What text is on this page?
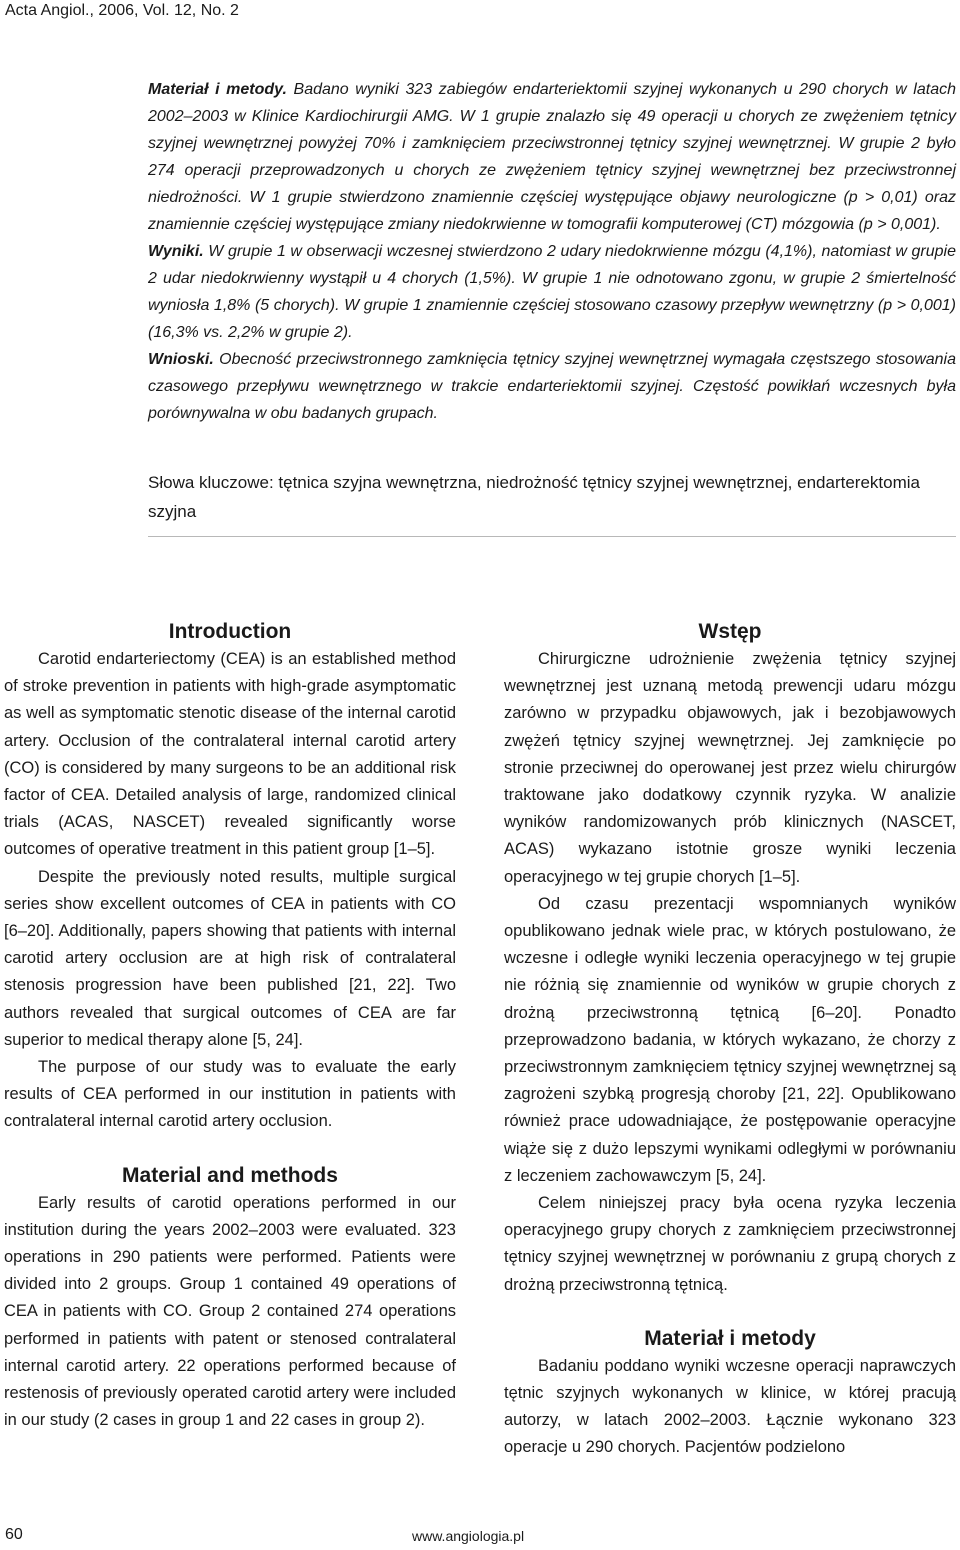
Acta Angiol., 2006, Vol. 12, No. 2

Materiał i metody. Badano wyniki 323 zabiegów endarteriektomii szyjnej wykonanych u 290 chorych w latach 2002–2003 w Klinice Kardiochirurgii AMG. W 1 grupie znalazło się 49 operacji u chorych ze zwężeniem tętnicy szyjnej wewnętrznej powyżej 70% i zamknięciem przeciwstronnej tętnicy szyjnej wewnętrznej. W grupie 2 było 274 operacji przeprowadzonych u chorych ze zwężeniem tętnicy szyjnej wewnętrznej bez przeciwstronnej niedrożności. W 1 grupie stwierdzono znamiennie częściej występujące objawy neurologiczne (p > 0,01) oraz znamiennie częściej występujące zmiany niedokrwienne w tomografii komputerowej (CT) mózgowia (p > 0,001).

Wyniki. W grupie 1 w obserwacji wczesnej stwierdzono 2 udary niedokrwienne mózgu (4,1%), natomiast w grupie 2 udar niedokrwienny wystąpił u 4 chorych (1,5%). W grupie 1 nie odnotowano zgonu, w grupie 2 śmiertelność wyniosła 1,8% (5 chorych). W grupie 1 znamiennie częściej stosowano czasowy przepływ wewnętrzny (p > 0,001) (16,3% vs. 2,2% w grupie 2).

Wnioski. Obecność przeciwstronnego zamknięcia tętnicy szyjnej wewnętrznej wymagała częstszego stosowania czasowego przepływu wewnętrznego w trakcie endarteriektomii szyjnej. Częstość powikłań wczesnych była porównywalna w obu badanych grupach.

Słowa kluczowe: tętnica szyjna wewnętrzna, niedrożność tętnicy szyjnej wewnętrznej, endarterektomia szyjna
Introduction

Carotid endarteriectomy (CEA) is an established method of stroke prevention in patients with high-grade asymptomatic as well as symptomatic stenotic disease of the internal carotid artery. Occlusion of the contralateral internal carotid artery (CO) is considered by many surgeons to be an additional risk factor of CEA. Detailed analysis of large, randomized clinical trials (ACAS, NASCET) revealed significantly worse outcomes of operative treatment in this patient group [1–5].

Despite the previously noted results, multiple surgical series show excellent outcomes of CEA in patients with CO [6–20]. Additionally, papers showing that patients with internal carotid artery occlusion are at high risk of contralateral stenosis progression have been published [21, 22]. Two authors revealed that surgical outcomes of CEA are far superior to medical therapy alone [5, 24].

The purpose of our study was to evaluate the early results of CEA performed in our institution in patients with contralateral internal carotid artery occlusion.

Material and methods

Early results of carotid operations performed in our institution during the years 2002–2003 were evaluated. 323 operations in 290 patients were performed. Patients were divided into 2 groups. Group 1 contained 49 operations of CEA in patients with CO. Group 2 contained 274 operations performed in patients with patent or stenosed contralateral internal carotid artery. 22 operations performed because of restenosis of previously operated carotid artery were included in our study (2 cases in group 1 and 22 cases in group 2).

Wstęp

Chirurgiczne udrożnienie zwężenia tętnicy szyjnej wewnętrznej jest uznaną metodą prewencji udaru mózgu zarówno w przypadku objawowych, jak i bezobjawowych zwężeń tętnicy szyjnej wewnętrznej. Jej zamknięcie po stronie przeciwnej do operowanej jest przez wielu chirurgów traktowane jako dodatkowy czynnik ryzyka. W analizie wyników randomizowanych prób klinicznych (NASCET, ACAS) wykazano istotnie grosze wyniki leczenia operacyjnego w tej grupie chorych [1–5].

Od czasu prezentacji wspomnianych wyników opublikowano jednak wiele prac, w których postulowano, że wczesne i odległe wyniki leczenia operacyjnego w tej grupie nie różnią się znamiennie od wyników w grupie chorych z drożną przeciwstronną tętnicą [6–20]. Ponadto przeprowadzono badania, w których wykazano, że chorzy z przeciwstronnym zamknięciem tętnicy szyjnej wewnętrznej są zagrożeni szybką progresją choroby [21, 22]. Opublikowano również prace udowadniające, że postępowanie operacyjne wiąże się z dużo lepszymi wynikami odległymi w porównaniu z leczeniem zachowawczym [5, 24].

Celem niniejszej pracy była ocena ryzyka leczenia operacyjnego grupy chorych z zamknięciem przeciwstronnej tętnicy szyjnej wewnętrznej w porównaniu z grupą chorych z drożną przeciwstronną tętnicą.

Materiał i metody

Badaniu poddano wyniki wczesne operacji naprawczych tętnic szyjnych wykonanych w klinice, w której pracują autorzy, w latach 2002–2003. Łącznie wykonano 323 operacje u 290 chorych. Pacjentów podzielono

60	www.angiologia.pl
